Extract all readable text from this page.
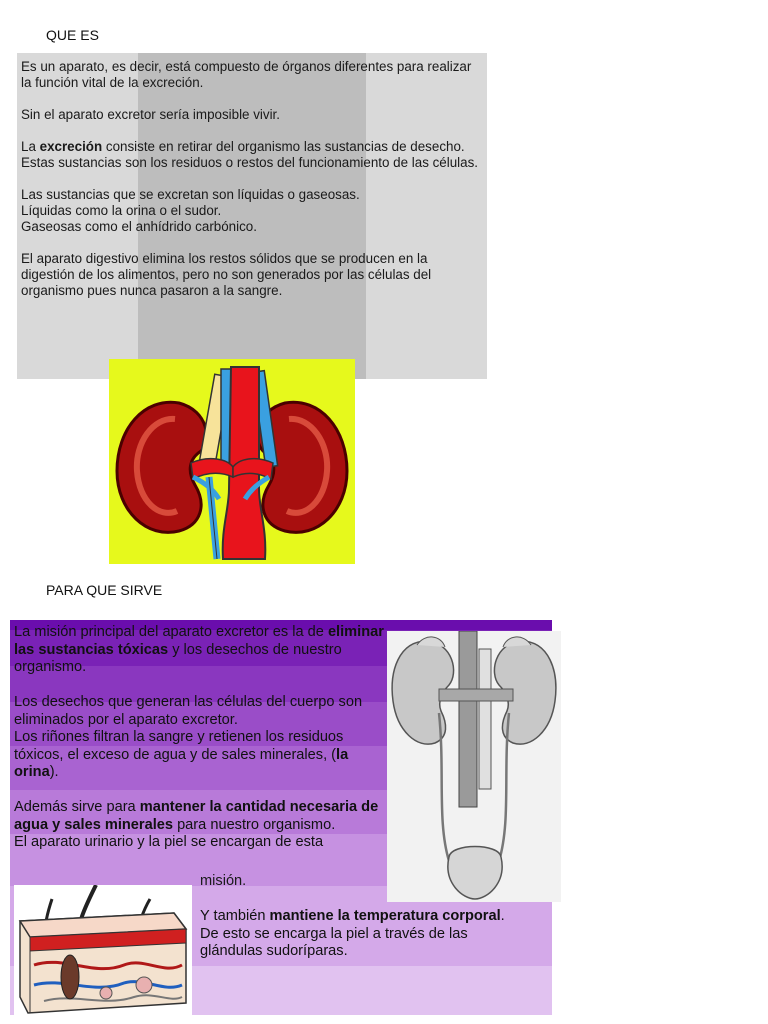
QUE ES

Es un aparato, es decir, está compuesto de órganos diferentes para realizar la función vital de la excreción.

Sin el aparato excretor sería imposible vivir.

La excreción consiste en retirar del organismo las sustancias de desecho. Estas sustancias son los residuos o restos del funcionamiento de las células.

Las sustancias que se excretan son líquidas o gaseosas.
Líquidas como la orina o el sudor.
Gaseosas como el anhídrido carbónico.

El aparato digestivo elimina los restos sólidos que se producen en la digestión de los alimentos, pero no son generados por las células del organismo pues nunca pasaron a la sangre.

PARA QUE SIRVE

La misión principal del aparato excretor es la de eliminar las sustancias tóxicas y los desechos de nuestro organismo.

Los desechos que generan las células del cuerpo son eliminados por el aparato excretor.
Los riñones filtran la sangre y retienen los residuos tóxicos, el exceso de agua y de sales minerales, (la orina).

Además sirve para mantener la cantidad necesaria de agua y sales minerales para nuestro organismo.
El aparato urinario y la piel se encargan de esta

misión.

Y también mantiene la temperatura corporal.
De esto se encarga la piel a través de las glándulas sudoríparas.
